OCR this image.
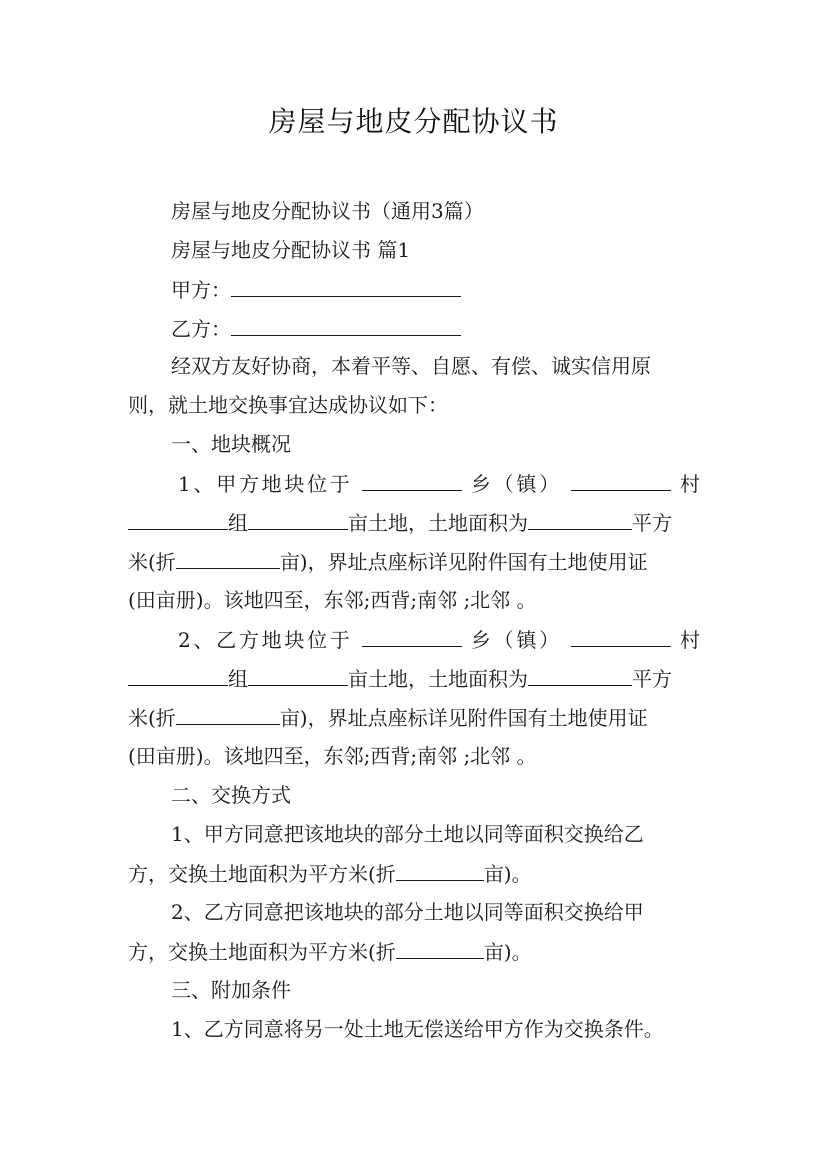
房屋与地皮分配协议书
房屋与地皮分配协议书（通用3篇）
房屋与地皮分配协议书 篇1
甲方：
乙方：
经双方友好协商，本着平等、自愿、有偿、诚实信用原
则，就土地交换事宜达成协议如下：
一、地块概况
1、甲方地块位于	乡（镇）	村
组	亩土地，土地面积为	平方
米(折	亩)，界址点座标详见附件国有土地使用证
(田亩册)。该地四至，东邻;西背;南邻 ;北邻 。
2、乙方地块位于	乡（镇）	村
组	亩土地，土地面积为	平方
米(折	亩)，界址点座标详见附件国有土地使用证
(田亩册)。该地四至，东邻;西背;南邻 ;北邻 。
二、交换方式
1、甲方同意把该地块的部分土地以同等面积交换给乙
方，交换土地面积为平方米(折	亩)。
2、乙方同意把该地块的部分土地以同等面积交换给甲
方，交换土地面积为平方米(折	亩)。
三、附加条件
1、乙方同意将另一处土地无偿送给甲方作为交换条件。
